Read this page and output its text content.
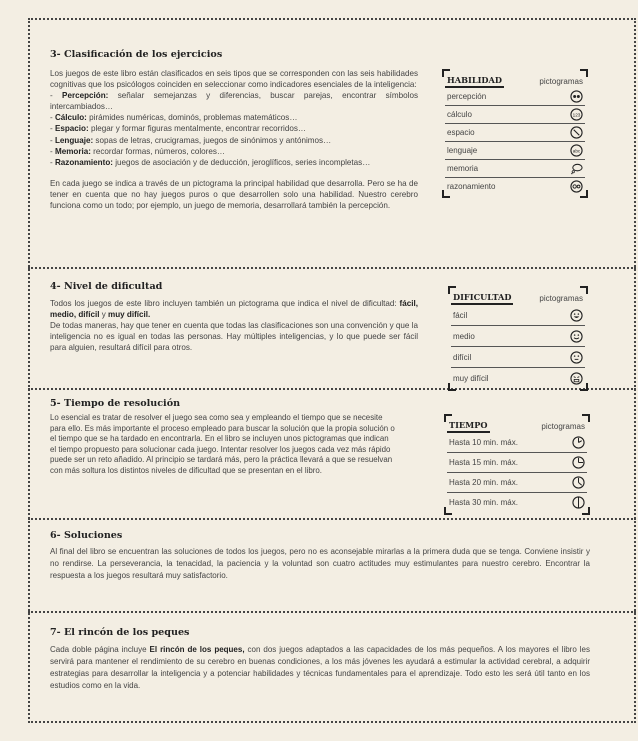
3- Clasificación de los ejercicios

Los juegos de este libro están clasificados en seis tipos que se corresponden con las seis habilidades cognitivas que los psicólogos coinciden en seleccionar como indicadores esenciales de la inteligencia:

- Percepción: señalar semejanzas y diferencias, buscar parejas, encontrar símbolos intercambiados…

- Cálculo: pirámides numéricas, dominós, problemas matemáticos…

- Espacio: plegar y formar figuras mentalmente, encontrar recorridos…

- Lenguaje: sopas de letras, crucigramas, juegos de sinónimos y antónimos…

- Memoria: recordar formas, números, colores…

- Razonamiento: juegos de asociación y de deducción, jeroglíficos, series incompletas…

En cada juego se indica a través de un pictograma la principal habilidad que desarrolla. Pero se ha de tener en cuenta que no hay juegos puros o que desarrollen solo una habilidad. Nuestro cerebro funciona como un todo; por ejemplo, un juego de memoria, desarrollará también la percepción.

HABILIDAD	pictogramas
percepción
cálculo	123
espacio
lenguaje	abc
memoria
razonamiento
4- Nivel de dificultad

Todos los juegos de este libro incluyen también un pictograma que indica el nivel de dificultad: fácil, medio, difícil y muy difícil.

De todas maneras, hay que tener en cuenta que todas las clasificaciones son una convención y que la inteligencia no es igual en todas las personas. Hay múltiples inteligencias, y lo que puede ser fácil para alguien, resultará difícil para otros.

DIFICULTAD	pictogramas
fácil
medio
difícil
muy difícil
5- Tiempo de resolución

Lo esencial es tratar de resolver el juego sea como sea y empleando el tiempo que se necesite para ello. Es más importante el proceso empleado para buscar la solución que la propia solución o el tiempo que se ha tardado en encontrarla. En el libro se incluyen unos pictogramas que indican el tiempo propuesto para solucionar cada juego. Intentar resolver los juegos cada vez más rápido puede ser un reto añadido. Al principio se tardará más, pero la práctica llevará a que se resuelvan con más soltura los distintos niveles de dificultad que se presentan en el libro.

TIEMPO	pictogramas
Hasta 10 min. máx.
Hasta 15 min. máx.
Hasta 20 min. máx.
Hasta 30 min. máx.
6- Soluciones

Al final del libro se encuentran las soluciones de todos los juegos, pero no es aconsejable mirarlas a la primera duda que se tenga. Conviene insistir y no rendirse. La perseverancia, la tenacidad, la paciencia y la voluntad son cuatro actitudes muy estimulantes para nuestro cerebro. Encontrar la respuesta a los juegos resultará muy satisfactorio.

7- El rincón de los peques

Cada doble página incluye El rincón de los peques, con dos juegos adaptados a las capacidades de los más pequeños. A los mayores el libro les servirá para mantener el rendimiento de su cerebro en buenas condiciones, a los más jóvenes les ayudará a estimular la actividad cerebral, a adquirir estrategias para desarrollar la inteligencia y a potenciar habilidades y técnicas fundamentales para el aprendizaje. Todo esto les será útil tanto en los estudios como en la vida.
